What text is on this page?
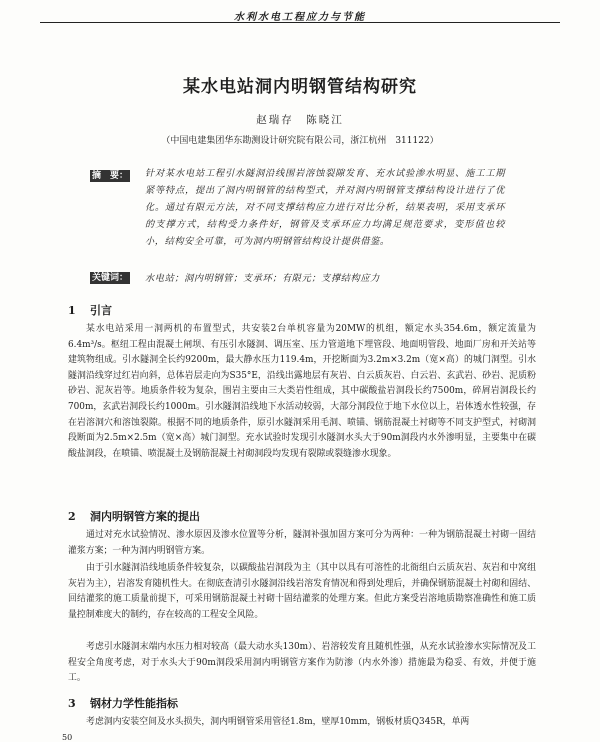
水利水电工程应力与节能
某水电站洞内明钢管结构研究
赵瑞存　陈晓江
（中国电建集团华东勘测设计研究院有限公司，浙江杭州　311122）
摘　要： 针对某水电站工程引水隧洞沿线围岩溶蚀裂隙发育、充水试验渗水明显、施工工期紧等特点，提出了洞内明钢管的结构型式，并对洞内明钢管支撑结构设计进行了优化。通过有限元方法，对不同支撑结构应力进行对比分析，结果表明，采用支承环的支撑方式，结构受力条件好，钢管及支承环应力均满足规范要求，变形值也较小，结构安全可靠，可为洞内明钢管结构设计提供借鉴。
关键词： 水电站；洞内明钢管；支承环；有限元；支撑结构应力
1 引言

某水电站采用一洞两机的布置型式，共安装2台单机容量为20MW的机组，额定水头354.6m，额定流量为6.4m³/s。枢纽工程由混凝土闸坝、有压引水隧洞、调压室、压力管道地下埋管段、地面明管段、地面厂房和开关站等建筑物组成。引水隧洞全长约9200m，最大静水压力119.4m，开挖断面为3.2m×3.2m（宽×高）的城门洞型。引水隧洞沿线穿过红岩向斜，总体岩层走向为S35°E，沿线出露地层有灰岩、白云质灰岩、白云岩、玄武岩、砂岩、泥质粉砂岩、泥灰岩等。地质条件较为复杂，围岩主要由三大类岩性组成，其中碳酸盐岩洞段长约7500m，碎屑岩洞段长约700m，玄武岩洞段长约1000m。引水隧洞沿线地下水活动较弱，大部分洞段位于地下水位以上，岩体透水性较强，存在岩溶洞穴和溶蚀裂隙。根据不同的地质条件，原引水隧洞采用毛洞、喷锚、钢筋混凝土衬砌等不同支护型式，衬砌洞段断面为2.5m×2.5m（宽×高）城门洞型。充水试验时发现引水隧洞水头大于90m洞段内水外渗明显，主要集中在碳酸盐洞段，在喷锚、喷混凝土及钢筋混凝土衬砌洞段均发现有裂隙或裂缝渗水现象。

2 洞内明钢管方案的提出

通过对充水试验情况、渗水原因及渗水位置等分析，隧洞补强加固方案可分为两种：一种为钢筋混凝土衬砌一固结灌浆方案；一种为洞内明钢管方案。

由于引水隧洞沿线地质条件较复杂，以碳酸盐岩洞段为主（其中以具有可溶性的北衙组白云质灰岩、灰岩和中窝组灰岩为主），岩溶发育随机性大。在彻底查清引水隧洞沿线岩溶发育情况和得到处理后，并确保钢筋混凝土衬砌和固结、回结灌浆的施工质量前提下，可采用钢筋混凝土衬砌十固结灌浆的处理方案。但此方案受岩溶地质勘察准确性和施工质量控制难度大的制约，存在较高的工程安全风险。

考虑引水隧洞末端内水压力相对较高（最大动水头130m）、岩溶较发育且随机性强，从充水试验渗水实际情况及工程安全角度考虑，对于水头大于90m洞段采用洞内明钢管方案作为防渗（内水外渗）措施最为稳妥、有效，并便于施工。

3 钢材力学性能指标

考虑洞内安装空间及水头损失，洞内明钢管采用管径1.8m，壁厚10mm，钢板材质Q345R，单两

50
